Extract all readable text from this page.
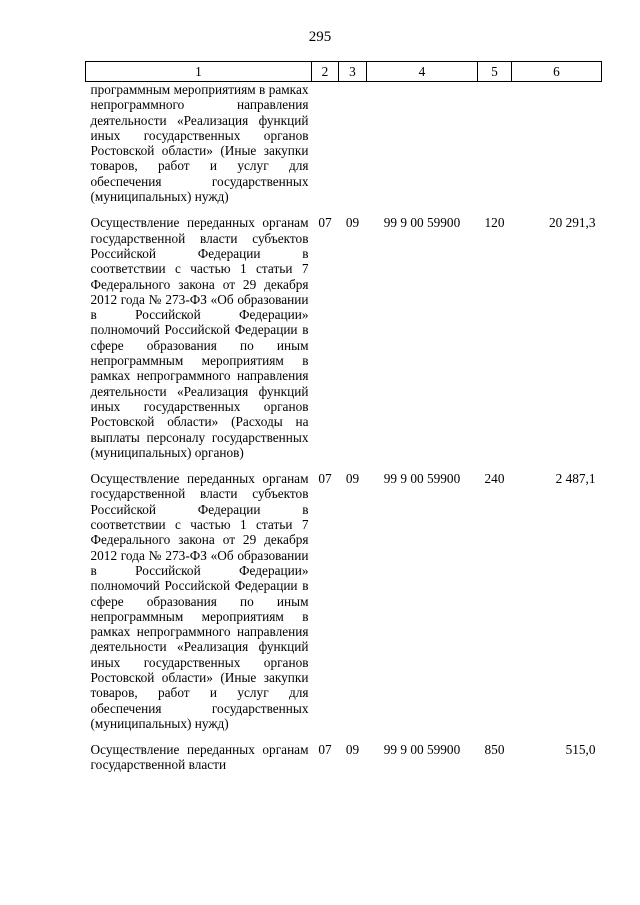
295
1	2	3	4	5	6
программным мероприятиям в рамках непрограммного направления деятельности «Реализация функций иных государственных органов Ростовской области» (Иные закупки товаров, работ и услуг для обеспечения государственных (муниципальных) нужд)					
Осуществление переданных органам государственной власти субъектов Российской Федерации в соответствии с частью 1 статьи 7 Федерального закона от 29 декабря 2012 года № 273-ФЗ «Об образовании в Российской Федерации» полномочий Российской Федерации в сфере образования по иным непрограммным мероприятиям в рамках непрограммного направления деятельности «Реализация функций иных государственных органов Ростовской области» (Расходы на выплаты персоналу государственных (муниципальных) органов)	07	09	99 9 00 59900	120	20 291,3
Осуществление переданных органам государственной власти субъектов Российской Федерации в соответствии с частью 1 статьи 7 Федерального закона от 29 декабря 2012 года № 273-ФЗ «Об образовании в Российской Федерации» полномочий Российской Федерации в сфере образования по иным непрограммным мероприятиям в рамках непрограммного направления деятельности «Реализация функций иных государственных органов Ростовской области» (Иные закупки товаров, работ и услуг для обеспечения государственных (муниципальных) нужд)	07	09	99 9 00 59900	240	2 487,1
Осуществление переданных органам государственной власти	07	09	99 9 00 59900	850	515,0
